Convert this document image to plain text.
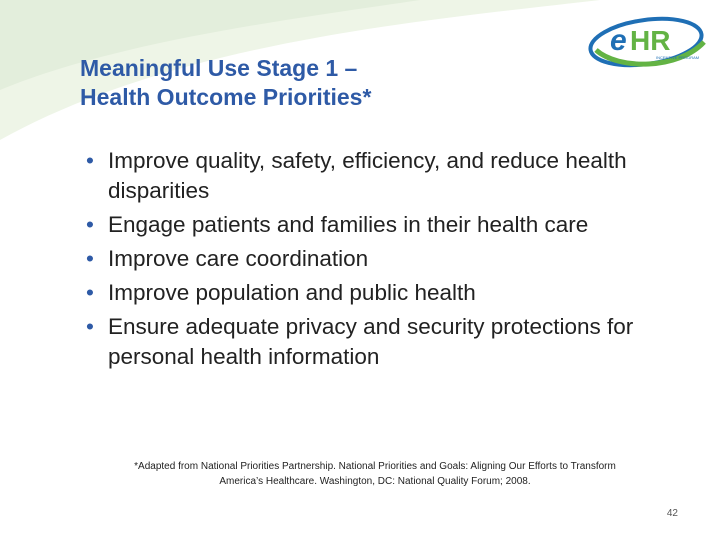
e HR
INCENTIVE PROGRAM
Meaningful Use Stage 1 –
Health Outcome Priorities*
• Improve quality, safety, efficiency, and reduce health disparities
• Engage patients and families in their health care
• Improve care coordination
• Improve population and public health
• Ensure adequate privacy and security protections for personal health information
*Adapted from National Priorities Partnership. National Priorities and Goals: Aligning Our Efforts to Transform
America’s Healthcare. Washington, DC: National Quality Forum; 2008.
42
